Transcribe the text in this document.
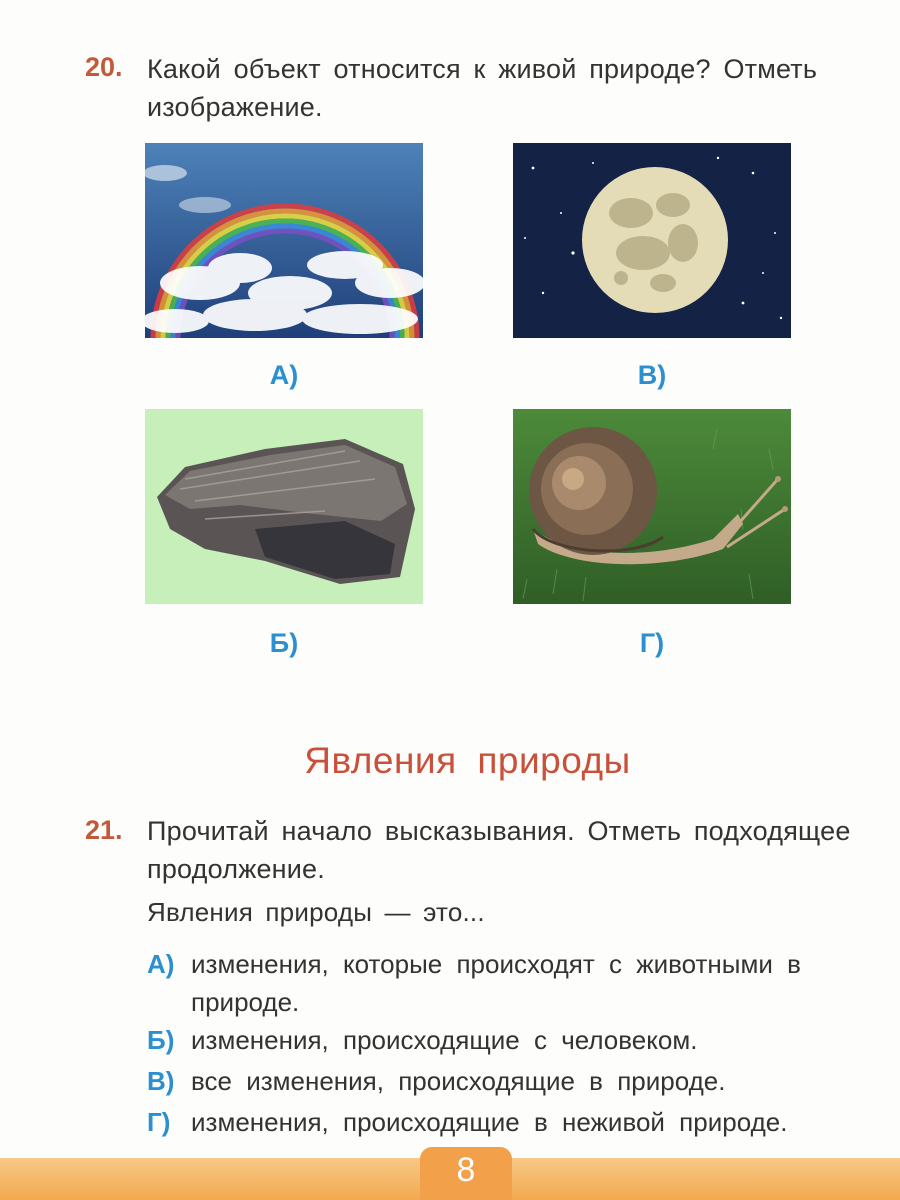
20. Какой объект относится к живой природе? Отметь изображение.
А)	В)
Б)	Г)
Явления природы
21. Прочитай начало высказывания. Отметь подходящее продолжение.
Явления природы — это...
А) изменения, которые происходят с животными в природе.
Б) изменения, происходящие с человеком.
В) все изменения, происходящие в природе.
Г) изменения, происходящие в неживой природе.
8
